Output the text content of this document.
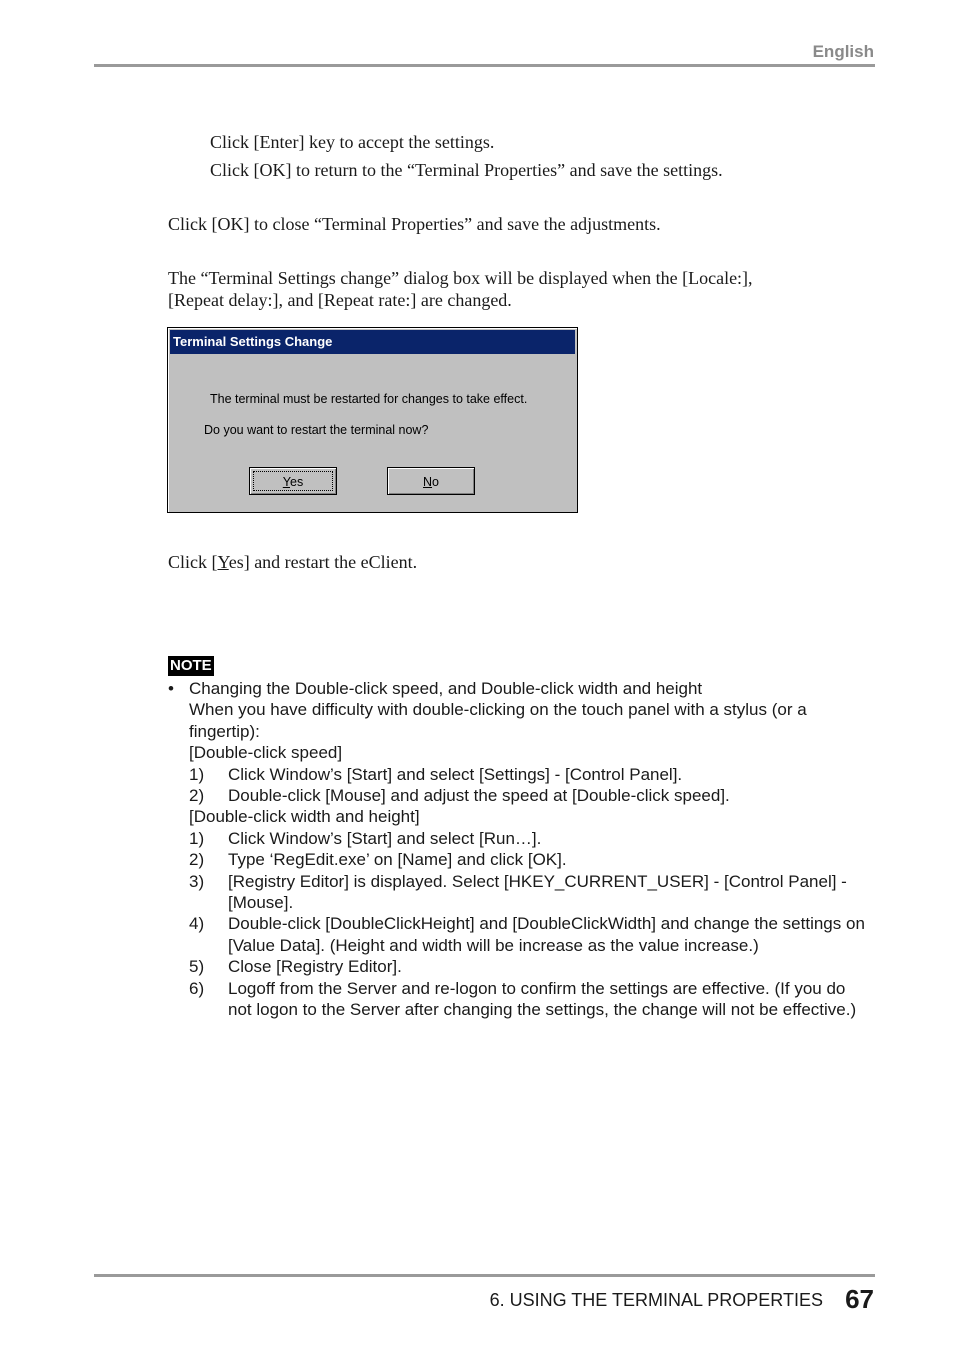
English

Click [Enter] key to accept the settings.

Click [OK] to return to the “Terminal Properties” and save the settings.

Click [OK] to close “Terminal Properties” and save the adjustments.

The “Terminal Settings change” dialog box will be displayed when the [Locale:],

[Repeat delay:], and [Repeat rate:] are changed.

Terminal Settings Change
The terminal must be restarted for changes to take effect.
Do you want to restart the terminal now?
Yes	No

Click [Yes] and restart the eClient.

NOTE
• Changing the Double-click speed, and Double-click width and height
When you have difficulty with double-clicking on the touch panel with a stylus (or a fingertip):
[Double-click speed]
1) Click Window’s [Start] and select [Settings] - [Control Panel].
2) Double-click [Mouse] and adjust the speed at [Double-click speed].
[Double-click width and height]
1) Click Window’s [Start] and select [Run…].
2) Type ‘RegEdit.exe’ on [Name] and click [OK].
3) [Registry Editor] is displayed. Select [HKEY_CURRENT_USER] - [Control Panel] - [Mouse].
4) Double-click [DoubleClickHeight] and [DoubleClickWidth] and change the settings on [Value Data]. (Height and width will be increase as the value increase.)
5) Close [Registry Editor].
6) Logoff from the Server and re-logon to confirm the settings are effective. (If you do not logon to the Server after changing the settings, the change will not be effective.)
6. USING THE TERMINAL PROPERTIES 67
